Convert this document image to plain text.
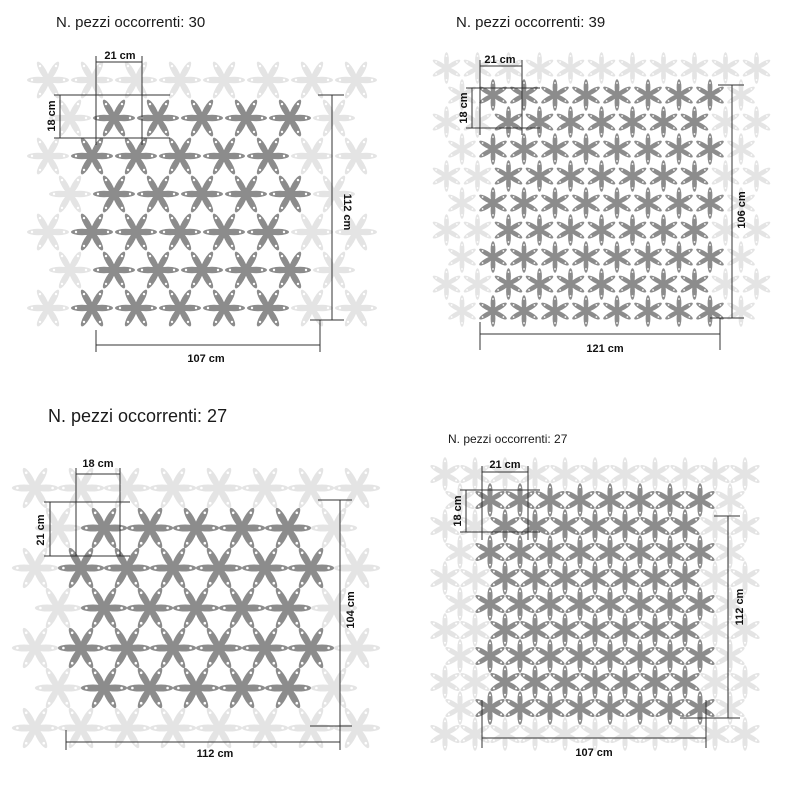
N. pezzi occorrenti: 30
21 cm
18 cm
112 cm
107 cm
N. pezzi occorrenti: 39
21 cm
18 cm
106 cm
121 cm
N. pezzi occorrenti: 27
18 cm
21 cm
104 cm
112 cm
N. pezzi occorrenti: 27
21 cm
18 cm
112 cm
107 cm
